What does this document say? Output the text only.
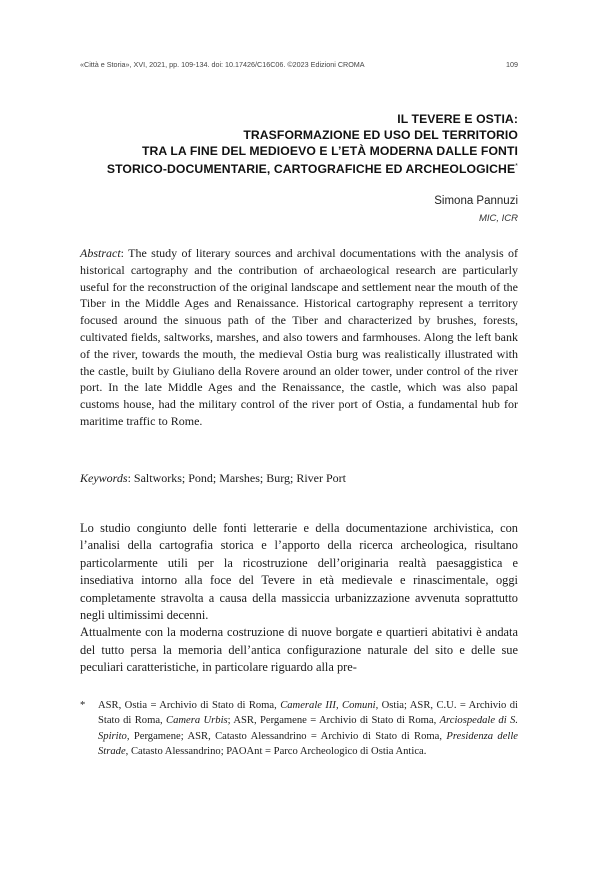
«Città e Storia», XVI, 2021, pp. 109-134. doi: 10.17426/C16C06. ©2023 Edizioni CROMA	109
IL TEVERE E OSTIA:
TRASFORMAZIONE ED USO DEL TERRITORIO
TRA LA FINE DEL MEDIOEVO E L’ETÀ MODERNA DALLE FONTI
STORICO-DOCUMENTARIE, CARTOGRAFICHE ED ARCHEOLOGICHE*
Simona Pannuzi
MIC, ICR

Abstract: The study of literary sources and archival documentations with the analysis of historical cartography and the contribution of archaeological research are particularly useful for the reconstruction of the original landscape and settlement near the mouth of the Tiber in the Middle Ages and Renaissance. Historical cartography represent a territory focused around the sinuous path of the Tiber and characterized by brushes, forests, cultivated fields, saltworks, marshes, and also towers and farmhouses. Along the left bank of the river, towards the mouth, the medieval Ostia burg was realistically illustrated with the castle, built by Giuliano della Rovere around an older tower, under control of the river port. In the late Middle Ages and the Renaissance, the castle, which was also papal customs house, had the military control of the river port of Ostia, a fundamental hub for maritime traffic to Rome.

Keywords: Saltworks; Pond; Marshes; Burg; River Port

Lo studio congiunto delle fonti letterarie e della documentazione archivistica, con l’analisi della cartografia storica e l’apporto della ricerca archeologica, risultano particolarmente utili per la ricostruzione dell’originaria realtà paesaggistica e insediativa intorno alla foce del Tevere in età medievale e rinascimentale, oggi completamente stravolta a causa della massiccia urbanizzazione avvenuta soprattutto negli ultimissimi decenni.

Attualmente con la moderna costruzione di nuove borgate e quartieri abitativi è andata del tutto persa la memoria dell’antica configurazione naturale del sito e delle sue peculiari caratteristiche, in particolare riguardo alla pre-

*	ASR, Ostia = Archivio di Stato di Roma, Camerale III, Comuni, Ostia; ASR, C.U. = Archivio di Stato di Roma, Camera Urbis; ASR, Pergamene = Archivio di Stato di Roma, Arciospedale di S. Spirito, Pergamene; ASR, Catasto Alessandrino = Archivio di Stato di Roma, Presidenza delle Strade, Catasto Alessandrino; PAOAnt = Parco Archeologico di Ostia Antica.
